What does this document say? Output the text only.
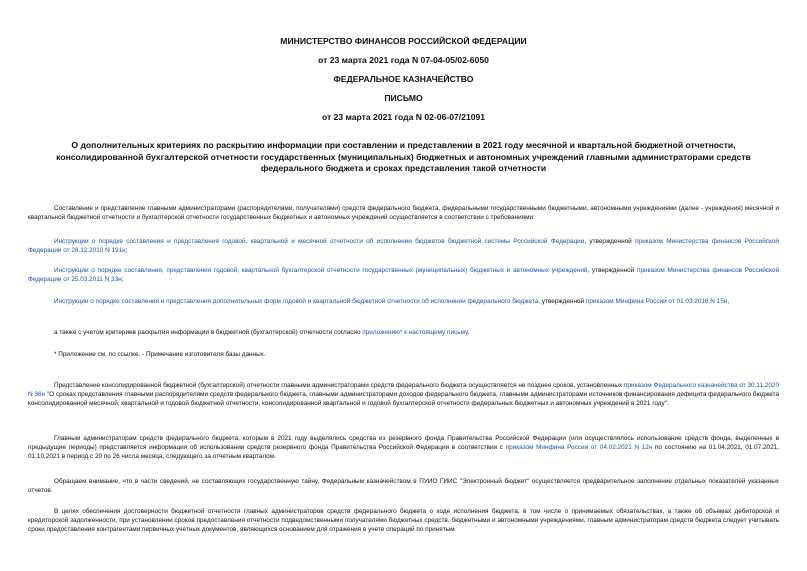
МИНИСТЕРСТВО ФИНАНСОВ РОССИЙСКОЙ ФЕДЕРАЦИИ
от 23 марта 2021 года N 07-04-05/02-6050
ФЕДЕРАЛЬНОЕ КАЗНАЧЕЙСТВО
ПИСЬМО
от 23 марта 2021 года N 02-06-07/21091
О дополнительных критериях по раскрытию информации при составлении и представлении в 2021 году месячной и квартальной бюджетной отчетности, консолидированной бухгалтерской отчетности государственных (муниципальных) бюджетных и автономных учреждений главными администраторами средств федерального бюджета и сроках представления такой отчетности
Составление и представление главными администраторами (распорядителями, получателями) средств федерального бюджета, федеральными государственными бюджетными, автономными учреждениями (далее - учреждения) месячной и квартальной бюджетной отчетности и бухгалтерской отчетности государственных бюджетных и автономных учреждений осуществляется в соответствии с требованиями:
Инструкции о порядке составления и представления годовой, квартальной и месячной отчетности об исполнении бюджетов бюджетной системы Российской Федерации, утвержденной приказом Министерства финансов Российской Федерации от 28.12.2010 N 191н;
Инструкции о порядке составления, представления годовой, квартальной бухгалтерской отчетности государственных (муниципальных) бюджетных и автономных учреждений, утвержденной приказом Министерства финансов Российской Федерации от 25.03.2011 N 33н;
Инструкции о порядке составления и представления дополнительных форм годовой и квартальной бюджетной отчетности об исполнении федерального бюджета, утвержденной приказом Минфина России от 01.03.2016 N 15н,
а также с учетом критериев раскрытия информации в бюджетной (бухгалтерской) отчетности согласно приложению* к настоящему письму.
* Приложение см. по ссылке. - Примечание изготовителя базы данных.
Представление консолидированной бюджетной (бухгалтерской) отчетности главными администраторами средств федерального бюджета осуществляется не позднее сроков, установленных приказом Федерального казначейства от 30.11.2020 N 36н "О сроках представления главными распорядителями средств федерального бюджета, главными администраторами доходов федерального бюджета, главными администраторами источников финансирования дефицита федерального бюджета консолидированной месячной, квартальной и годовой бюджетной отчетности, консолидированной квартальной и годовой бухгалтерской отчетности федеральных бюджетных и автономных учреждений в 2021 году".
Главным администраторам средств федерального бюджета, которым в 2021 году выделялись средства из резервного фонда Правительства Российской Федерации (или осуществлялось использование средств фонда, выделенных в предыдущие периоды) представляется информация об использовании средств резервного фонда Правительства Российской Федерации в соответствии с приказом Минфина России от 04.02.2021 N 12н по состоянию на 01.04.2021, 01.07.2021, 01.10.2021 в период с 20 по 26 числа месяца, следующего за отчетным кварталом.
Обращаем внимание, что в части сведений, не составляющих государственную тайну, Федеральным казначейством в ПУИО ГИИС "Электронный бюджет" осуществляется предварительное заполнение отдельных показателей указанных отчетов.
В целях обеспечения достоверности бюджетной отчетности главных администраторов средств федерального бюджета о ходе исполнения бюджета, в том числе о принимаемых обязательствах, а также об объемах дебиторской и кредиторской задолженности, при установлении сроков предоставления отчетности подведомственными получателями бюджетных средств, бюджетными и автономными учреждениями, главным администраторам средств бюджета следует учитывать сроки предоставления контрагентами первичных учетных документов, являющихся основанием для отражения в учете операций по принятым
